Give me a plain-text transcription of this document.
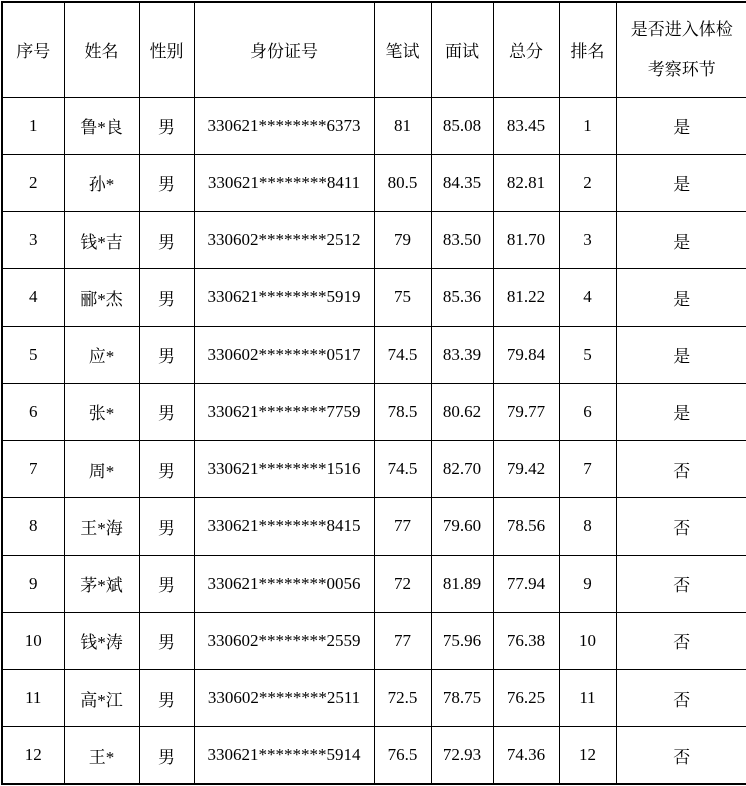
序号	姓名	性别	身份证号	笔试	面试	总分	排名	是否进入体检考察环节
1	鲁*良	男	330621********6373	81	85.08	83.45	1	是
2	孙*	男	330621********8411	80.5	84.35	82.81	2	是
3	钱*吉	男	330602********2512	79	83.50	81.70	3	是
4	郦*杰	男	330621********5919	75	85.36	81.22	4	是
5	应*	男	330602********0517	74.5	83.39	79.84	5	是
6	张*	男	330621********7759	78.5	80.62	79.77	6	是
7	周*	男	330621********1516	74.5	82.70	79.42	7	否
8	王*海	男	330621********8415	77	79.60	78.56	8	否
9	茅*斌	男	330621********0056	72	81.89	77.94	9	否
10	钱*涛	男	330602********2559	77	75.96	76.38	10	否
11	高*江	男	330602********2511	72.5	78.75	76.25	11	否
12	王*	男	330621********5914	76.5	72.93	74.36	12	否
